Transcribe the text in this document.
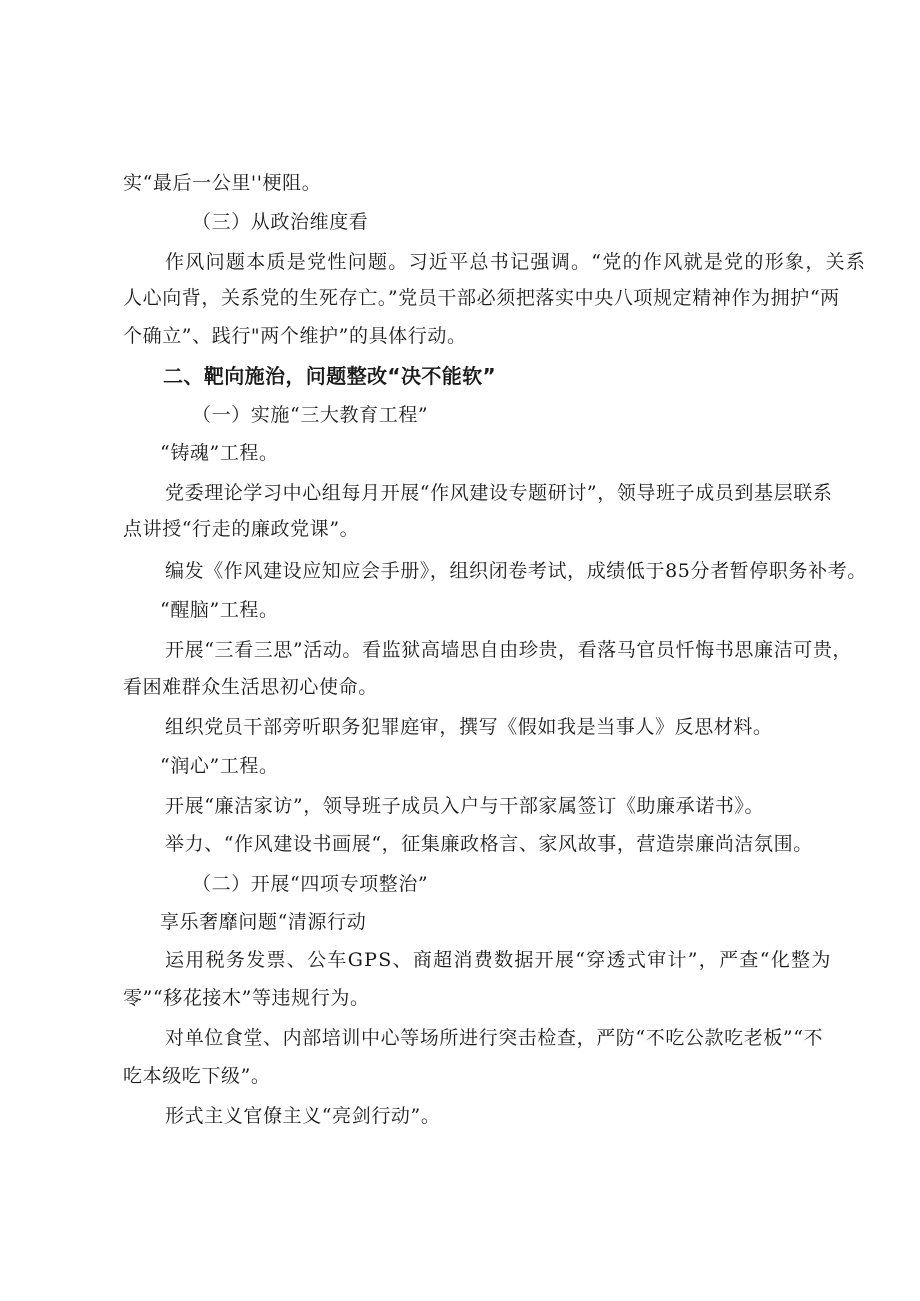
实“最后一公里''梗阻。

（三）从政治维度看

作风问题本质是党性问题。习近平总书记强调。“党的作风就是党的形象，关系

人心向背，关系党的生死存亡。”党员干部必须把落实中央八项规定精神作为拥护“两

个确立”、践行"两个维护”的具体行动。

二、靶向施治，问题整改“决不能软”

（一）实施“三大教育工程”

“铸魂”工程。

党委理论学习中心组每月开展“作风建设专题研讨”，领导班子成员到基层联系

点讲授“行走的廉政党课”。

编发《作风建设应知应会手册》，组织闭卷考试，成绩低于85分者暂停职务补考。

“醒脑”工程。

开展“三看三思”活动。看监狱高墙思自由珍贵，看落马官员忏悔书思廉洁可贵，

看困难群众生活思初心使命。

组织党员干部旁听职务犯罪庭审，撰写《假如我是当事人》反思材料。

“润心”工程。

开展“廉洁家访”，领导班子成员入户与干部家属签订《助廉承诺书》。

举力、“作风建设书画展“，征集廉政格言、家风故事，营造崇廉尚洁氛围。

（二）开展“四项专项整治”

享乐奢靡问题“清源行动

运用税务发票、公车GPS、商超消费数据开展“穿透式审计”，严查“化整为

零”“移花接木”等违规行为。

对单位食堂、内部培训中心等场所进行突击检查，严防“不吃公款吃老板”“不

吃本级吃下级”。

形式主义官僚主义“亮剑行动”。
